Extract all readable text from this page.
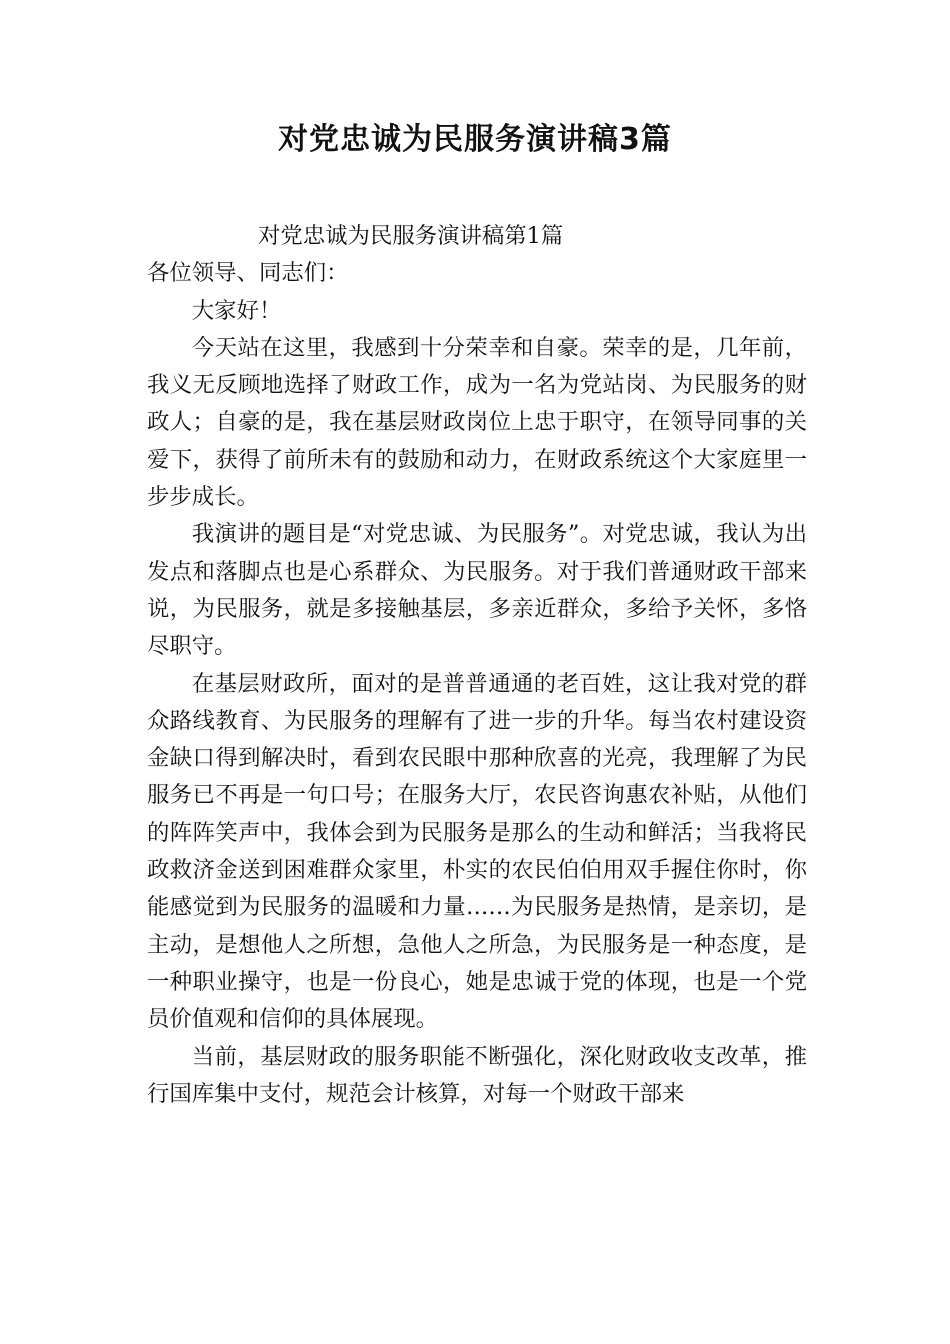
对党忠诚为民服务演讲稿3篇

对党忠诚为民服务演讲稿第1篇

各位领导、同志们：

大家好！

今天站在这里，我感到十分荣幸和自豪。荣幸的是，几年前，我义无反顾地选择了财政工作，成为一名为党站岗、为民服务的财政人；自豪的是，我在基层财政岗位上忠于职守，在领导同事的关爱下，获得了前所未有的鼓励和动力，在财政系统这个大家庭里一步步成长。

我演讲的题目是“对党忠诚、为民服务”。对党忠诚，我认为出发点和落脚点也是心系群众、为民服务。对于我们普通财政干部来说，为民服务，就是多接触基层，多亲近群众，多给予关怀，多恪尽职守。

在基层财政所，面对的是普普通通的老百姓，这让我对党的群众路线教育、为民服务的理解有了进一步的升华。每当农村建设资金缺口得到解决时，看到农民眼中那种欣喜的光亮，我理解了为民服务已不再是一句口号；在服务大厅，农民咨询惠农补贴，从他们的阵阵笑声中，我体会到为民服务是那么的生动和鲜活；当我将民政救济金送到困难群众家里，朴实的农民伯伯用双手握住你时，你能感觉到为民服务的温暖和力量……为民服务是热情，是亲切，是主动，是想他人之所想，急他人之所急，为民服务是一种态度，是一种职业操守，也是一份良心，她是忠诚于党的体现，也是一个党员价值观和信仰的具体展现。

当前，基层财政的服务职能不断强化，深化财政收支改革，推行国库集中支付，规范会计核算，对每一个财政干部来
